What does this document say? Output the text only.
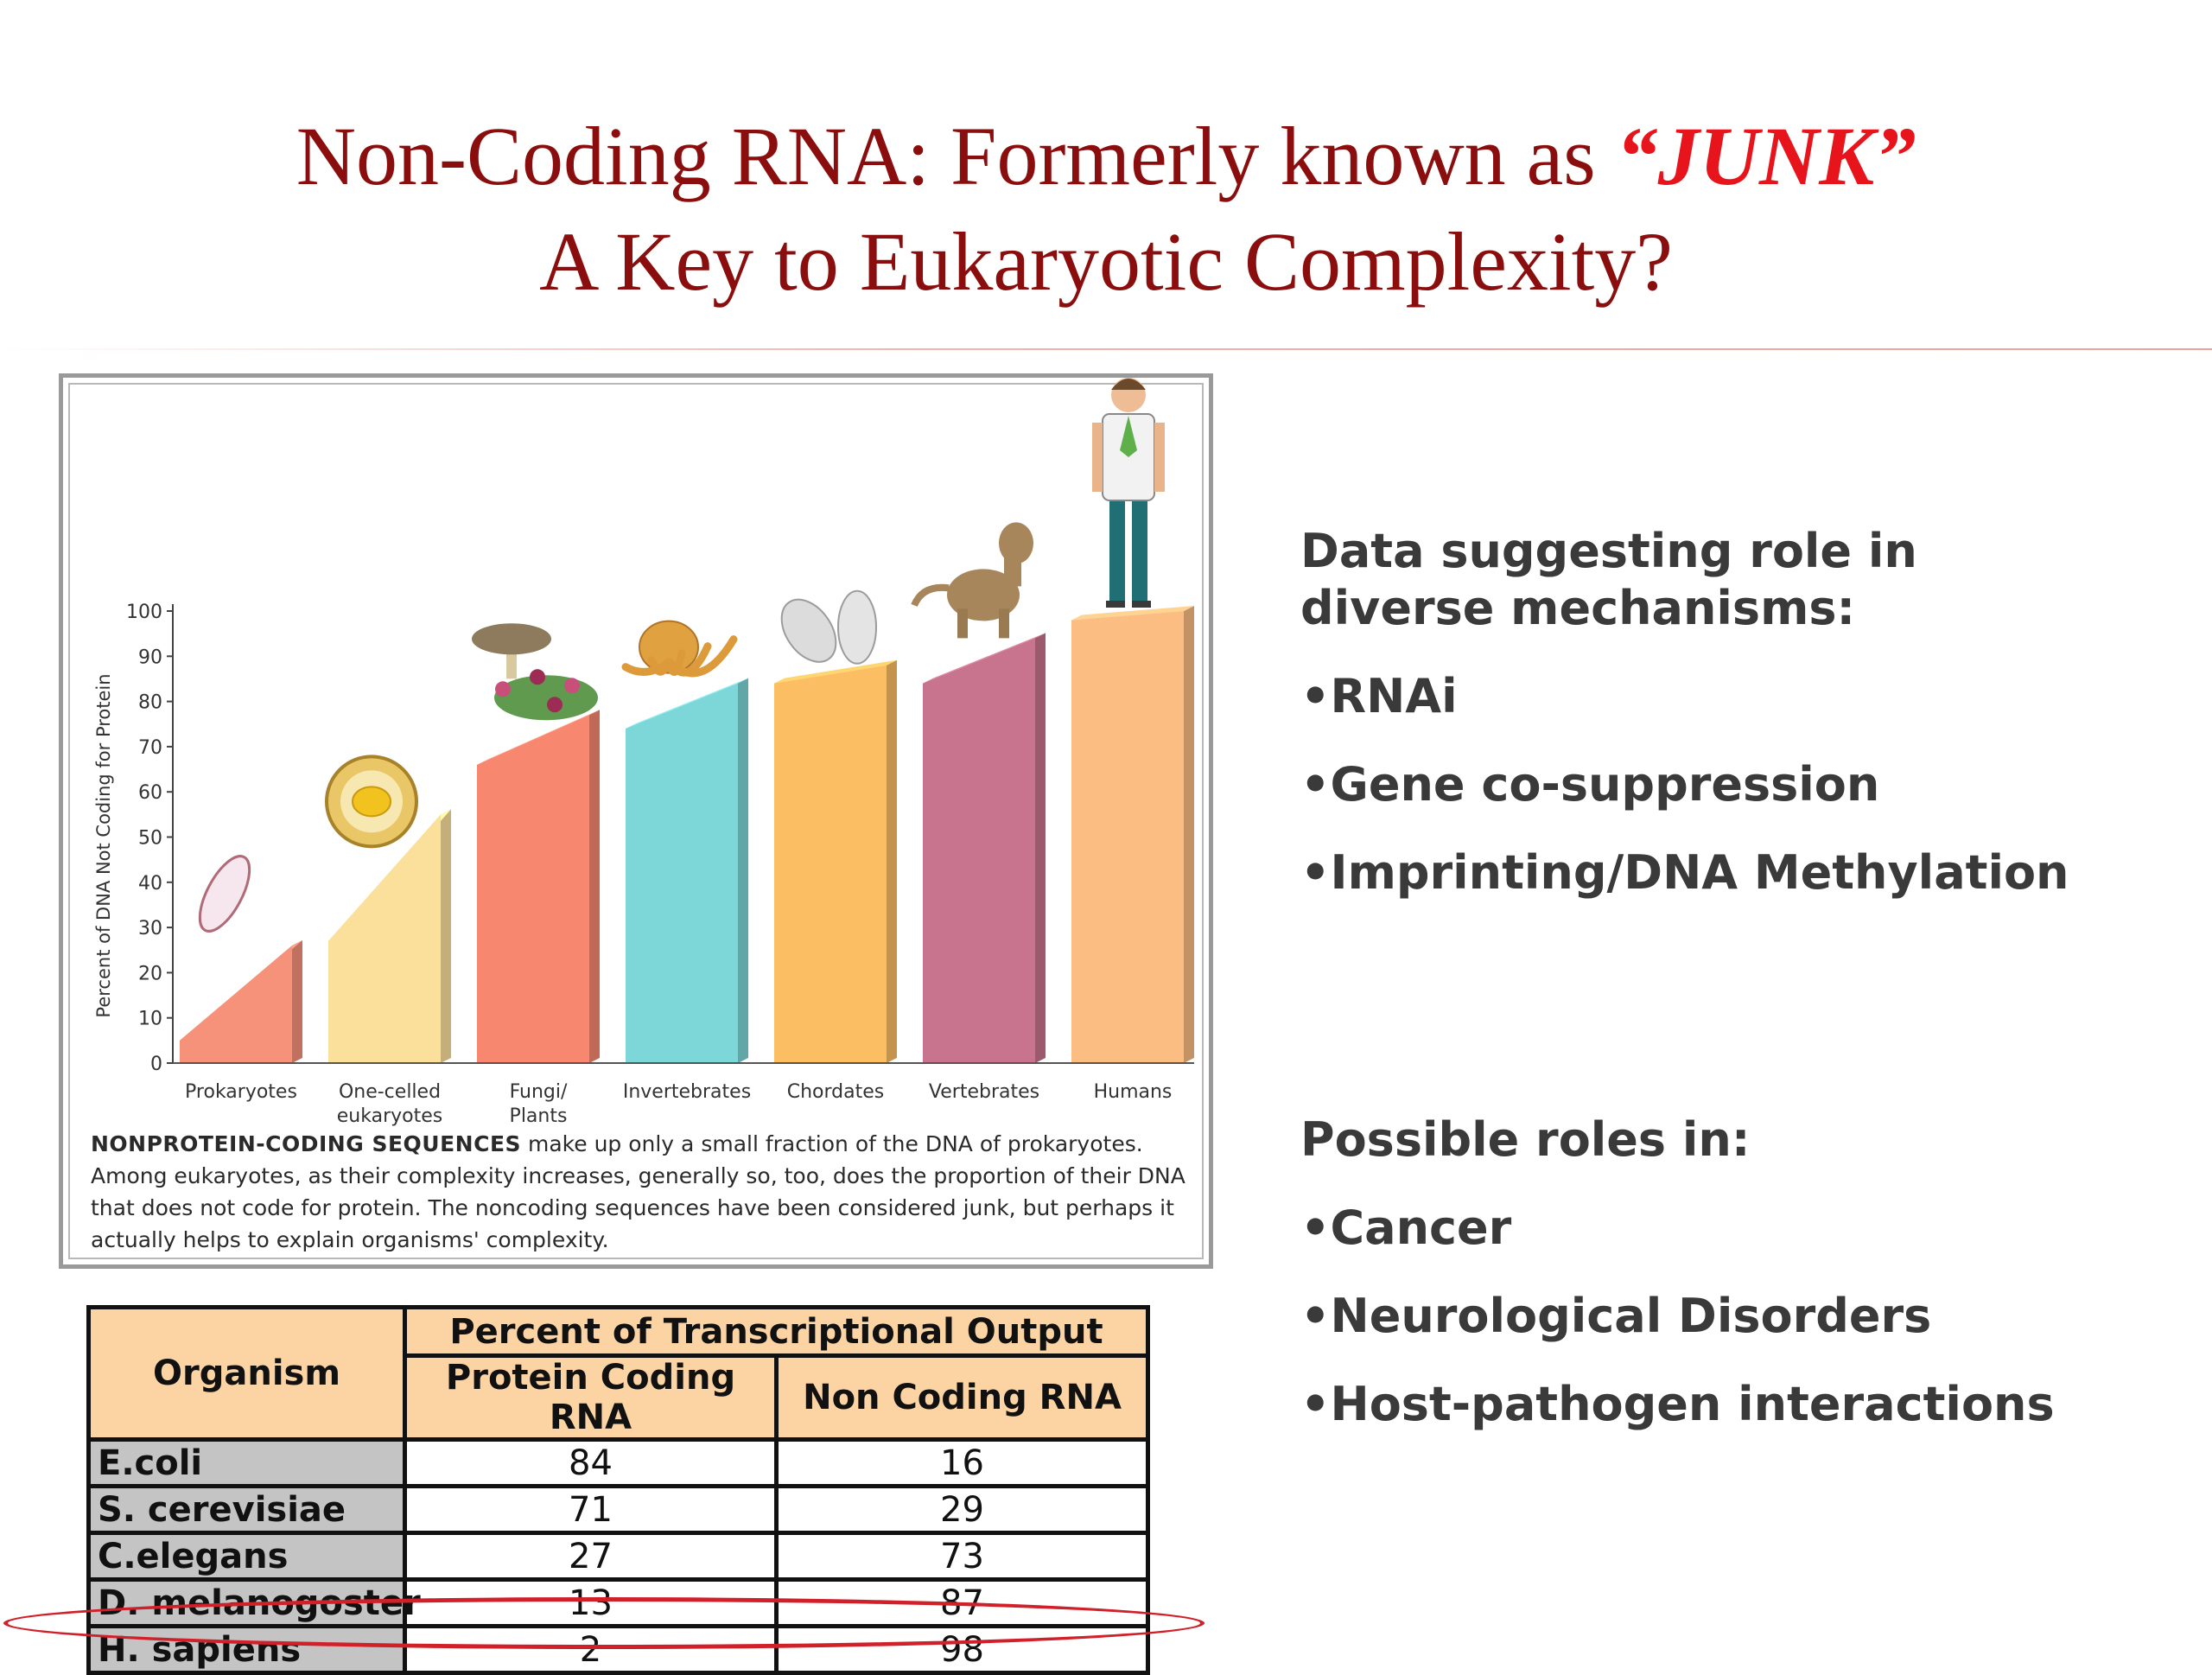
Non-Coding RNA: Formerly known as “JUNK”
A Key to Eukaryotic Complexity?
Percent of DNA Not Coding for Protein
0
10
20
30
40
50
60
70
80
90
100
Prokaryotes One-celled
eukaryotes
Fungi/
Plants
Invertebrates Chordates Vertebrates	Humans
NONPROTEIN-CODING SEQUENCES make up only a small fraction of the DNA of prokaryotes. Among eukaryotes, as their complexity increases, generally so, too, does the proportion of their DNA that does not code for protein. The noncoding sequences have been considered junk, but perhaps it actually helps to explain organisms' complexity.
Data suggesting role in
diverse mechanisms:
•RNAi
•Gene co-suppression
•Imprinting/DNA Methylation
Possible roles in:
•Cancer
•Neurological Disorders
•Host-pathogen interactions
Organism	Percent of Transcriptional Output	
	Protein Coding RNA	Non Coding RNA
E.coli	84	16
S. cerevisiae	71	29
C.elegans	27	73
D. melanogoster	13	87
H. sapiens	2	98
